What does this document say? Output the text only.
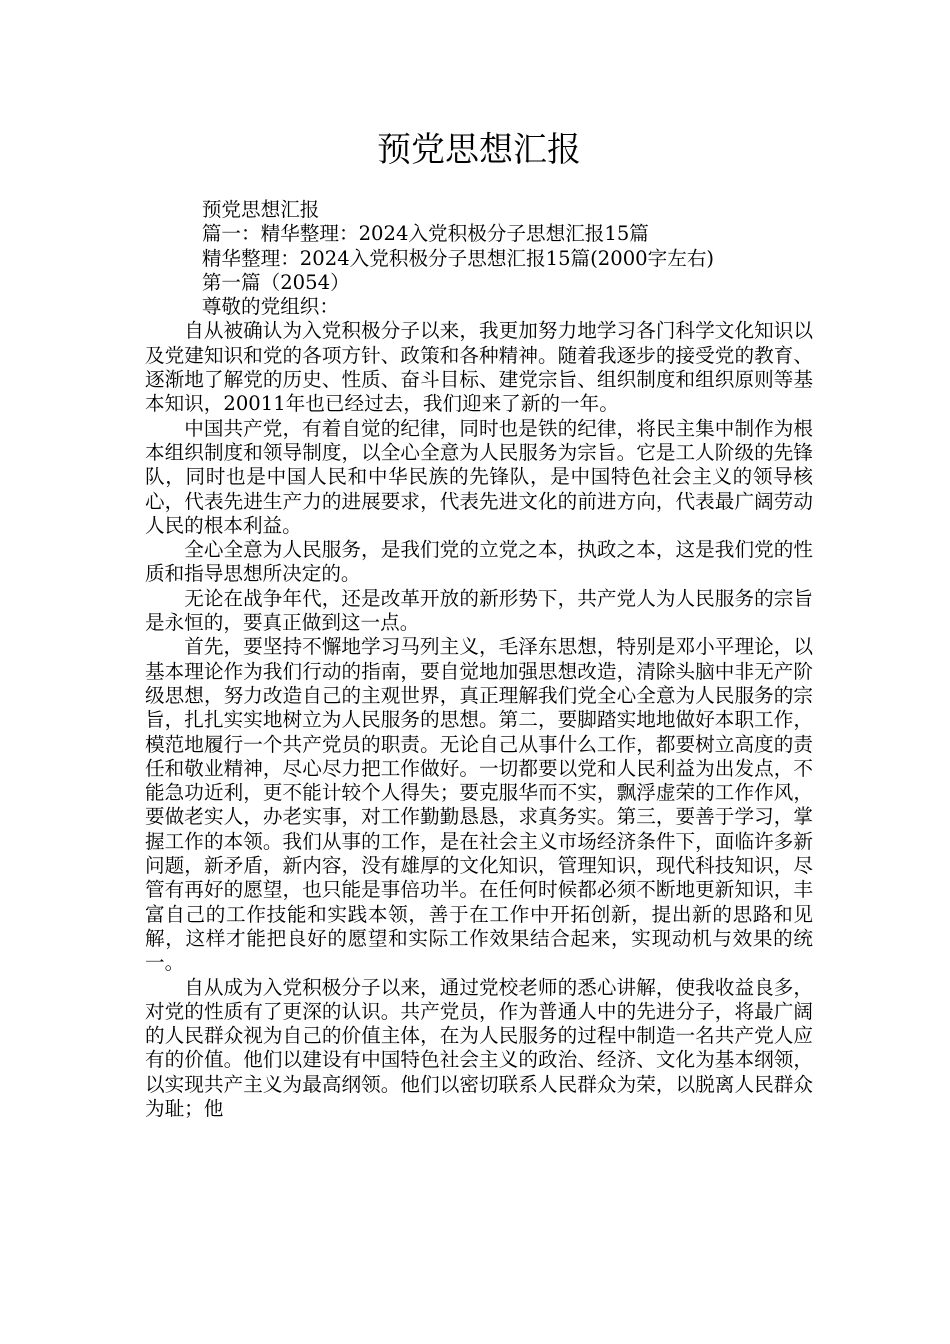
预党思想汇报

预党思想汇报

篇一：精华整理：2024入党积极分子思想汇报15篇

精华整理：2024入党积极分子思想汇报15篇(2000字左右)

第一篇（2054）

尊敬的党组织：

自从被确认为入党积极分子以来，我更加努力地学习各门科学文化知识以及党建知识和党的各项方针、政策和各种精神。随着我逐步的接受党的教育、逐渐地了解党的历史、性质、奋斗目标、建党宗旨、组织制度和组织原则等基本知识，20011年也已经过去，我们迎来了新的一年。

中国共产党，有着自觉的纪律，同时也是铁的纪律，将民主集中制作为根本组织制度和领导制度，以全心全意为人民服务为宗旨。它是工人阶级的先锋队，同时也是中国人民和中华民族的先锋队，是中国特色社会主义的领导核心，代表先进生产力的进展要求，代表先进文化的前进方向，代表最广阔劳动人民的根本利益。

全心全意为人民服务，是我们党的立党之本，执政之本，这是我们党的性质和指导思想所决定的。

无论在战争年代，还是改革开放的新形势下，共产党人为人民服务的宗旨是永恒的，要真正做到这一点。

首先，要坚持不懈地学习马列主义，毛泽东思想，特别是邓小平理论，以基本理论作为我们行动的指南，要自觉地加强思想改造，清除头脑中非无产阶级思想，努力改造自己的主观世界，真正理解我们党全心全意为人民服务的宗旨，扎扎实实地树立为人民服务的思想。第二，要脚踏实地地做好本职工作，模范地履行一个共产党员的职责。无论自己从事什么工作，都要树立高度的责任和敬业精神，尽心尽力把工作做好。一切都要以党和人民利益为出发点，不能急功近利，更不能计较个人得失；要克服华而不实，飘浮虚荣的工作作风，要做老实人，办老实事，对工作勤勤恳恳，求真务实。第三，要善于学习，掌握工作的本领。我们从事的工作，是在社会主义市场经济条件下，面临许多新问题，新矛盾，新内容，没有雄厚的文化知识，管理知识，现代科技知识，尽管有再好的愿望，也只能是事倍功半。在任何时候都必须不断地更新知识，丰富自己的工作技能和实践本领，善于在工作中开拓创新，提出新的思路和见解，这样才能把良好的愿望和实际工作效果结合起来，实现动机与效果的统一。

自从成为入党积极分子以来，通过党校老师的悉心讲解，使我收益良多，对党的性质有了更深的认识。共产党员，作为普通人中的先进分子，将最广阔的人民群众视为自己的价值主体，在为人民服务的过程中制造一名共产党人应有的价值。他们以建设有中国特色社会主义的政治、经济、文化为基本纲领，以实现共产主义为最高纲领。他们以密切联系人民群众为荣，以脱离人民群众为耻；他
